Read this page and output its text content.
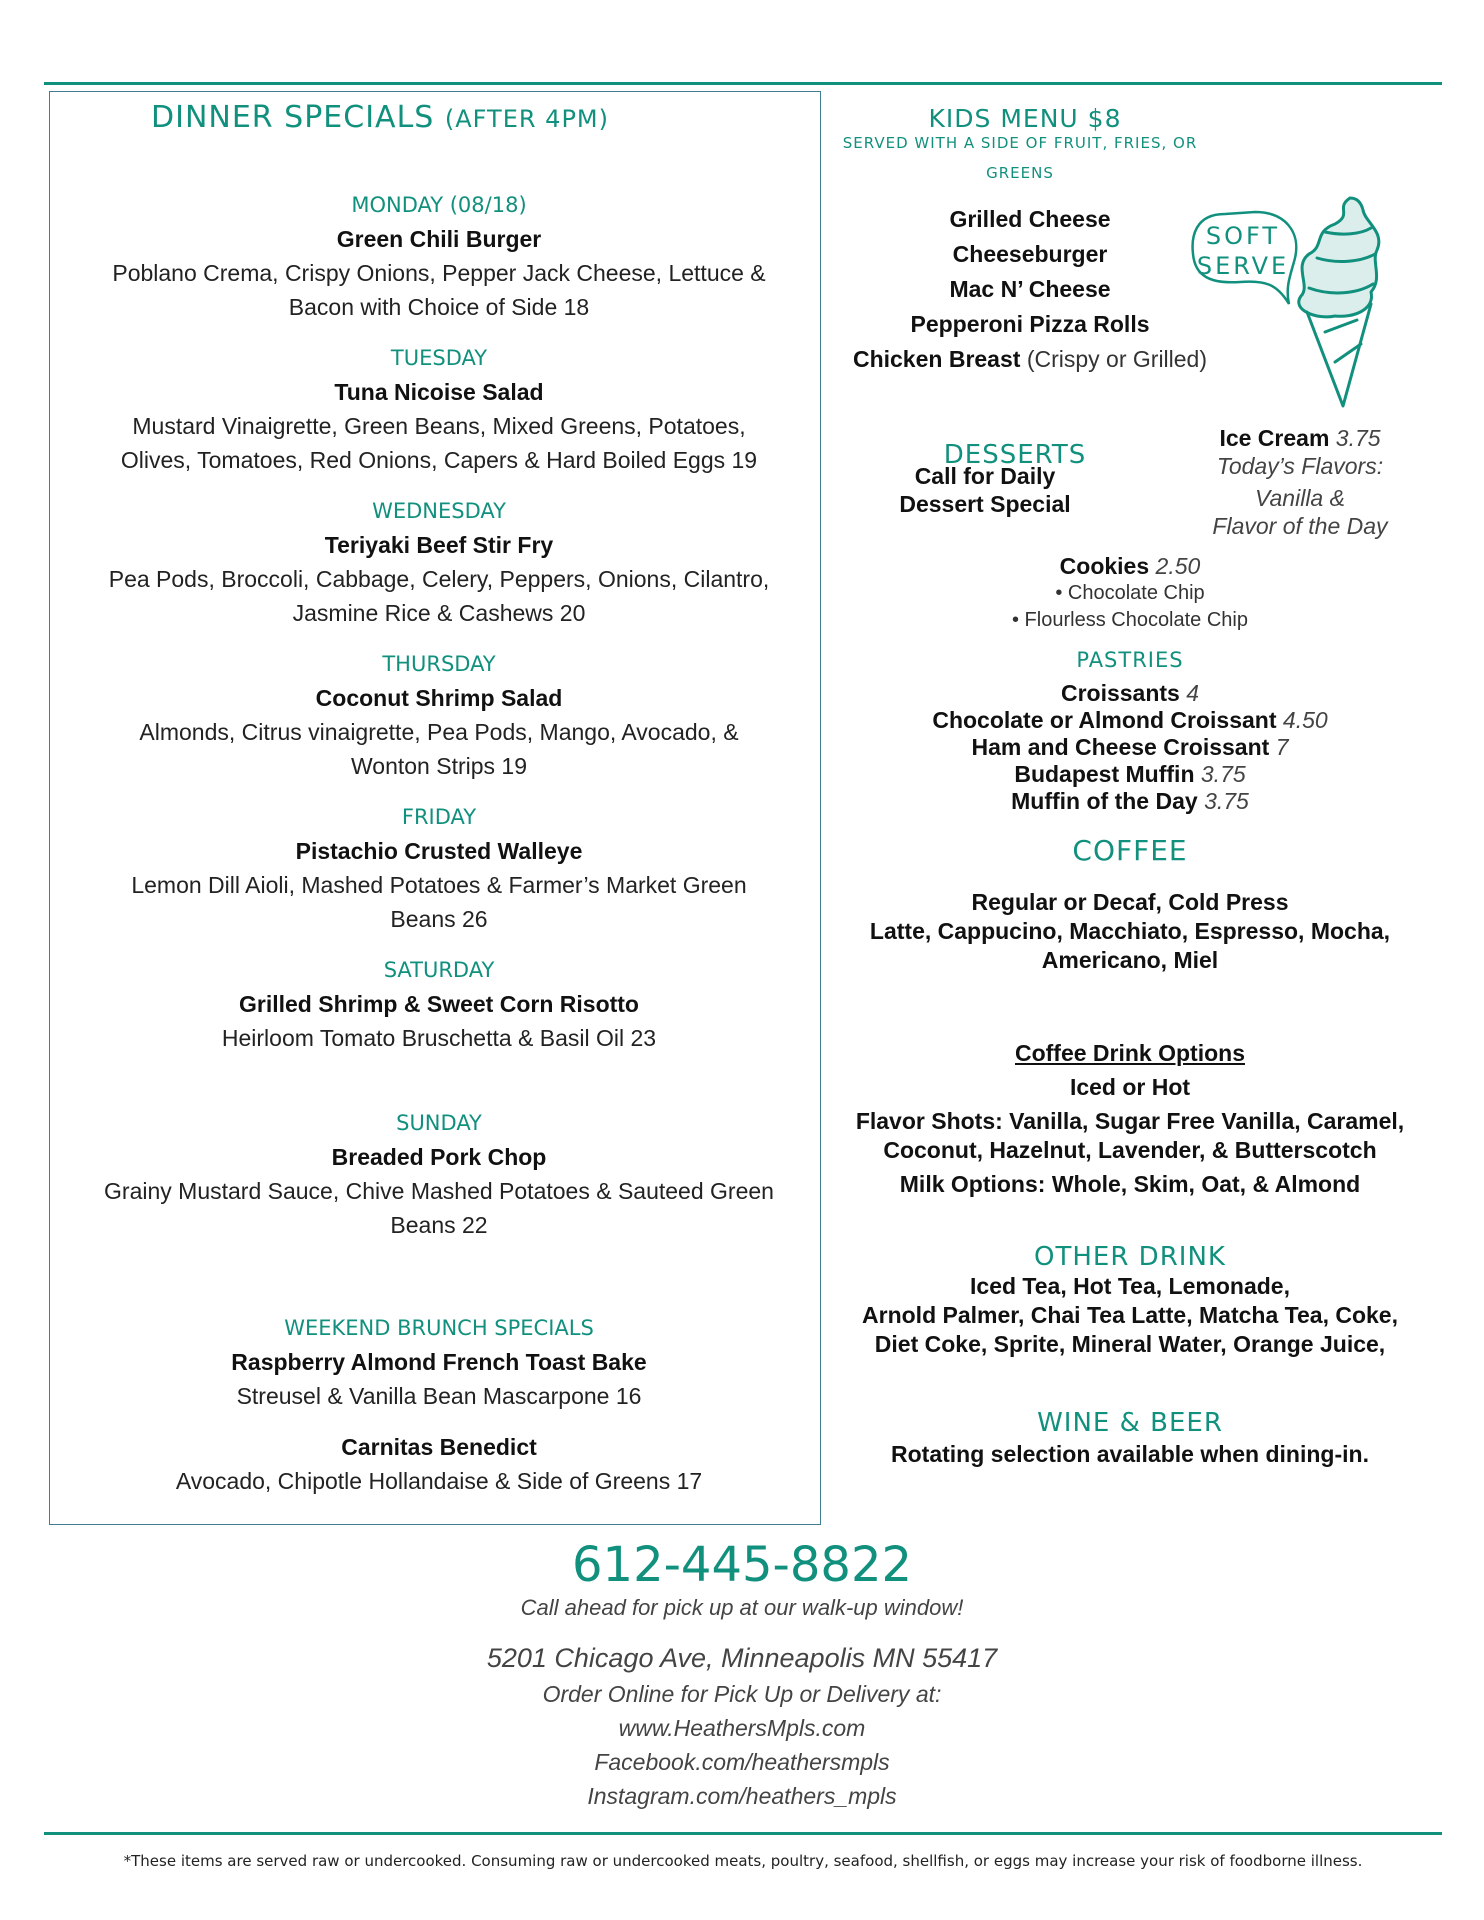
DINNER SPECIALS (AFTER 4PM)
MONDAY (08/18)
Green Chili Burger
Poblano Crema, Crispy Onions, Pepper Jack Cheese, Lettuce &
Bacon with Choice of Side 18
TUESDAY
Tuna Nicoise Salad
Mustard Vinaigrette, Green Beans, Mixed Greens, Potatoes,
Olives, Tomatoes, Red Onions, Capers & Hard Boiled Eggs 19
WEDNESDAY
Teriyaki Beef Stir Fry
Pea Pods, Broccoli, Cabbage, Celery, Peppers, Onions, Cilantro,
Jasmine Rice & Cashews 20
THURSDAY
Coconut Shrimp Salad
Almonds, Citrus vinaigrette, Pea Pods, Mango, Avocado, &
Wonton Strips 19
FRIDAY
Pistachio Crusted Walleye
Lemon Dill Aioli, Mashed Potatoes & Farmer’s Market Green
Beans 26
SATURDAY
Grilled Shrimp & Sweet Corn Risotto
Heirloom Tomato Bruschetta & Basil Oil 23
SUNDAY
Breaded Pork Chop
Grainy Mustard Sauce, Chive Mashed Potatoes & Sauteed Green
Beans 22
WEEKEND BRUNCH SPECIALS
Raspberry Almond French Toast Bake
Streusel & Vanilla Bean Mascarpone 16
Carnitas Benedict
Avocado, Chipotle Hollandaise & Side of Greens 17
KIDS MENU $8
SERVED WITH A SIDE OF FRUIT, FRIES, OR
GREENS
Grilled Cheese
Cheeseburger
Mac N’ Cheese
Pepperoni Pizza Rolls
Chicken Breast (Crispy or Grilled)
SOFT
SERVE
DESSERTS
Call for Daily
Dessert Special
Ice Cream 3.75
Today’s Flavors:
Vanilla &
Flavor of the Day
Cookies 2.50
• Chocolate Chip
• Flourless Chocolate Chip
PASTRIES
Croissants 4
Chocolate or Almond Croissant 4.50
Ham and Cheese Croissant 7
Budapest Muffin 3.75
Muffin of the Day 3.75
COFFEE
Regular or Decaf, Cold Press
Latte, Cappucino, Macchiato, Espresso, Mocha,
Americano, Miel
Coffee Drink Options
Iced or Hot
Flavor Shots: Vanilla, Sugar Free Vanilla, Caramel,
Coconut, Hazelnut, Lavender, & Butterscotch
Milk Options: Whole, Skim, Oat, & Almond
OTHER DRINK
Iced Tea, Hot Tea, Lemonade,
Arnold Palmer, Chai Tea Latte, Matcha Tea, Coke,
Diet Coke, Sprite, Mineral Water, Orange Juice,
WINE & BEER
Rotating selection available when dining-in.
612-445-8822
Call ahead for pick up at our walk-up window!
5201 Chicago Ave, Minneapolis MN 55417
Order Online for Pick Up or Delivery at:
www.HeathersMpls.com
Facebook.com/heathersmpls
Instagram.com/heathers_mpls
*These items are served raw or undercooked. Consuming raw or undercooked meats, poultry, seafood, shellfish, or eggs may increase your risk of foodborne illness.
